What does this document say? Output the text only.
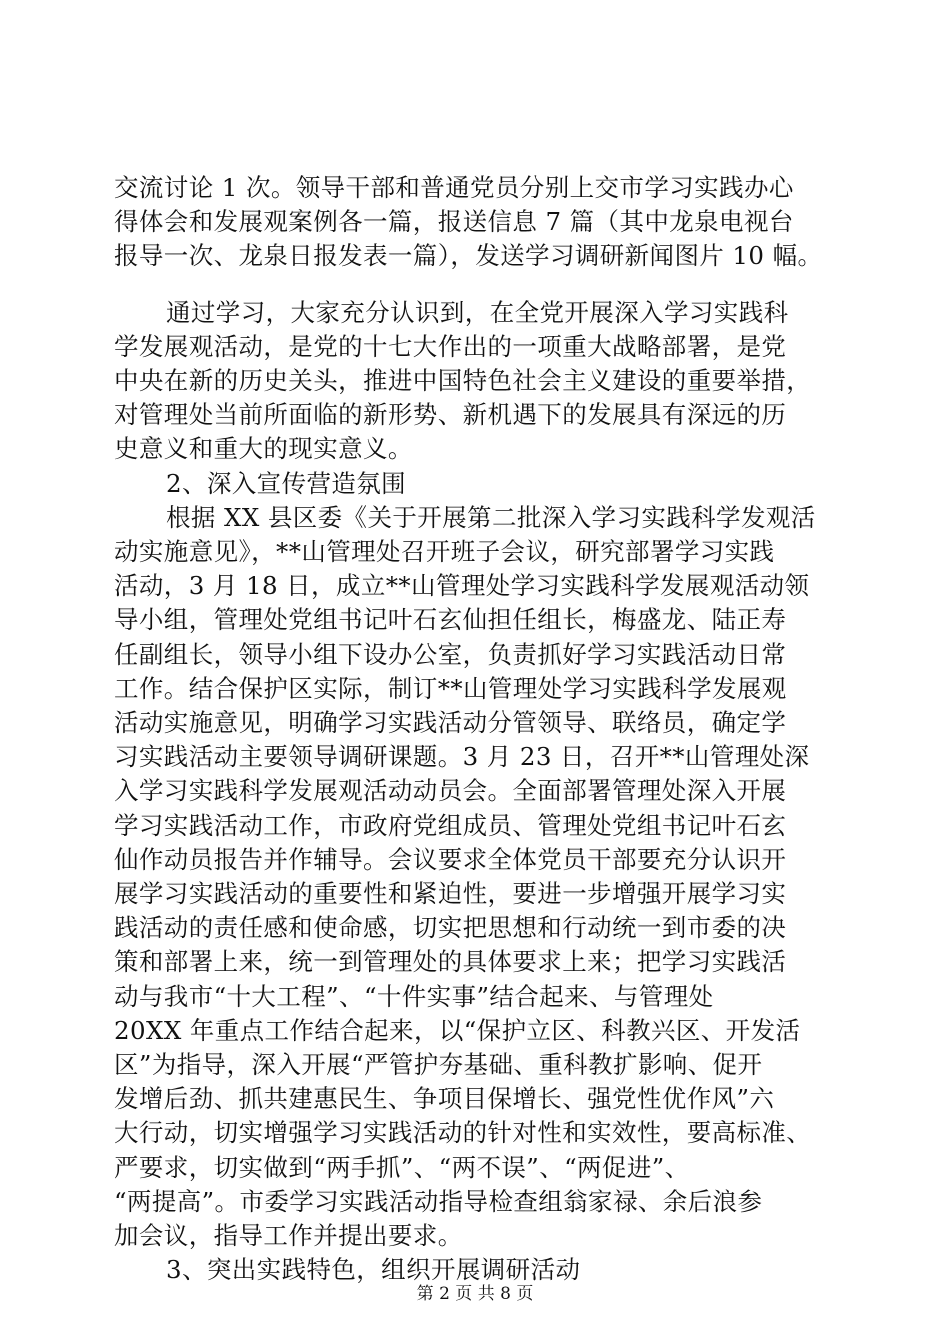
交流讨论 1 次。领导干部和普通党员分别上交市学习实践办心
得体会和发展观案例各一篇，报送信息 7 篇（其中龙泉电视台
报导一次、龙泉日报发表一篇），发送学习调研新闻图片 10 幅。
通过学习，大家充分认识到，在全党开展深入学习实践科
学发展观活动，是党的十七大作出的一项重大战略部署，是党
中央在新的历史关头，推进中国特色社会主义建设的重要举措，
对管理处当前所面临的新形势、新机遇下的发展具有深远的历
史意义和重大的现实意义。
2、深入宣传营造氛围
根据 XX 县区委《关于开展第二批深入学习实践科学发观活
动实施意见》，**山管理处召开班子会议，研究部署学习实践
活动，3 月 18 日，成立**山管理处学习实践科学发展观活动领
导小组，管理处党组书记叶石玄仙担任组长，梅盛龙、陆正寿
任副组长，领导小组下设办公室，负责抓好学习实践活动日常
工作。结合保护区实际，制订**山管理处学习实践科学发展观
活动实施意见，明确学习实践活动分管领导、联络员，确定学
习实践活动主要领导调研课题。3 月 23 日，召开**山管理处深
入学习实践科学发展观活动动员会。全面部署管理处深入开展
学习实践活动工作，市政府党组成员、管理处党组书记叶石玄
仙作动员报告并作辅导。会议要求全体党员干部要充分认识开
展学习实践活动的重要性和紧迫性，要进一步增强开展学习实
践活动的责任感和使命感，切实把思想和行动统一到市委的决
策和部署上来，统一到管理处的具体要求上来；把学习实践活
动与我市“十大工程”、“十件实事”结合起来、与管理处
20XX 年重点工作结合起来，以“保护立区、科教兴区、开发活
区”为指导，深入开展“严管护夯基础、重科教扩影响、促开
发增后劲、抓共建惠民生、争项目保增长、强党性优作风”六
大行动，切实增强学习实践活动的针对性和实效性，要高标准、
严要求，切实做到“两手抓”、“两不误”、“两促进”、
“两提高”。市委学习实践活动指导检查组翁家禄、余后浪参
加会议，指导工作并提出要求。
3、突出实践特色，组织开展调研活动
第 2 页 共 8 页
